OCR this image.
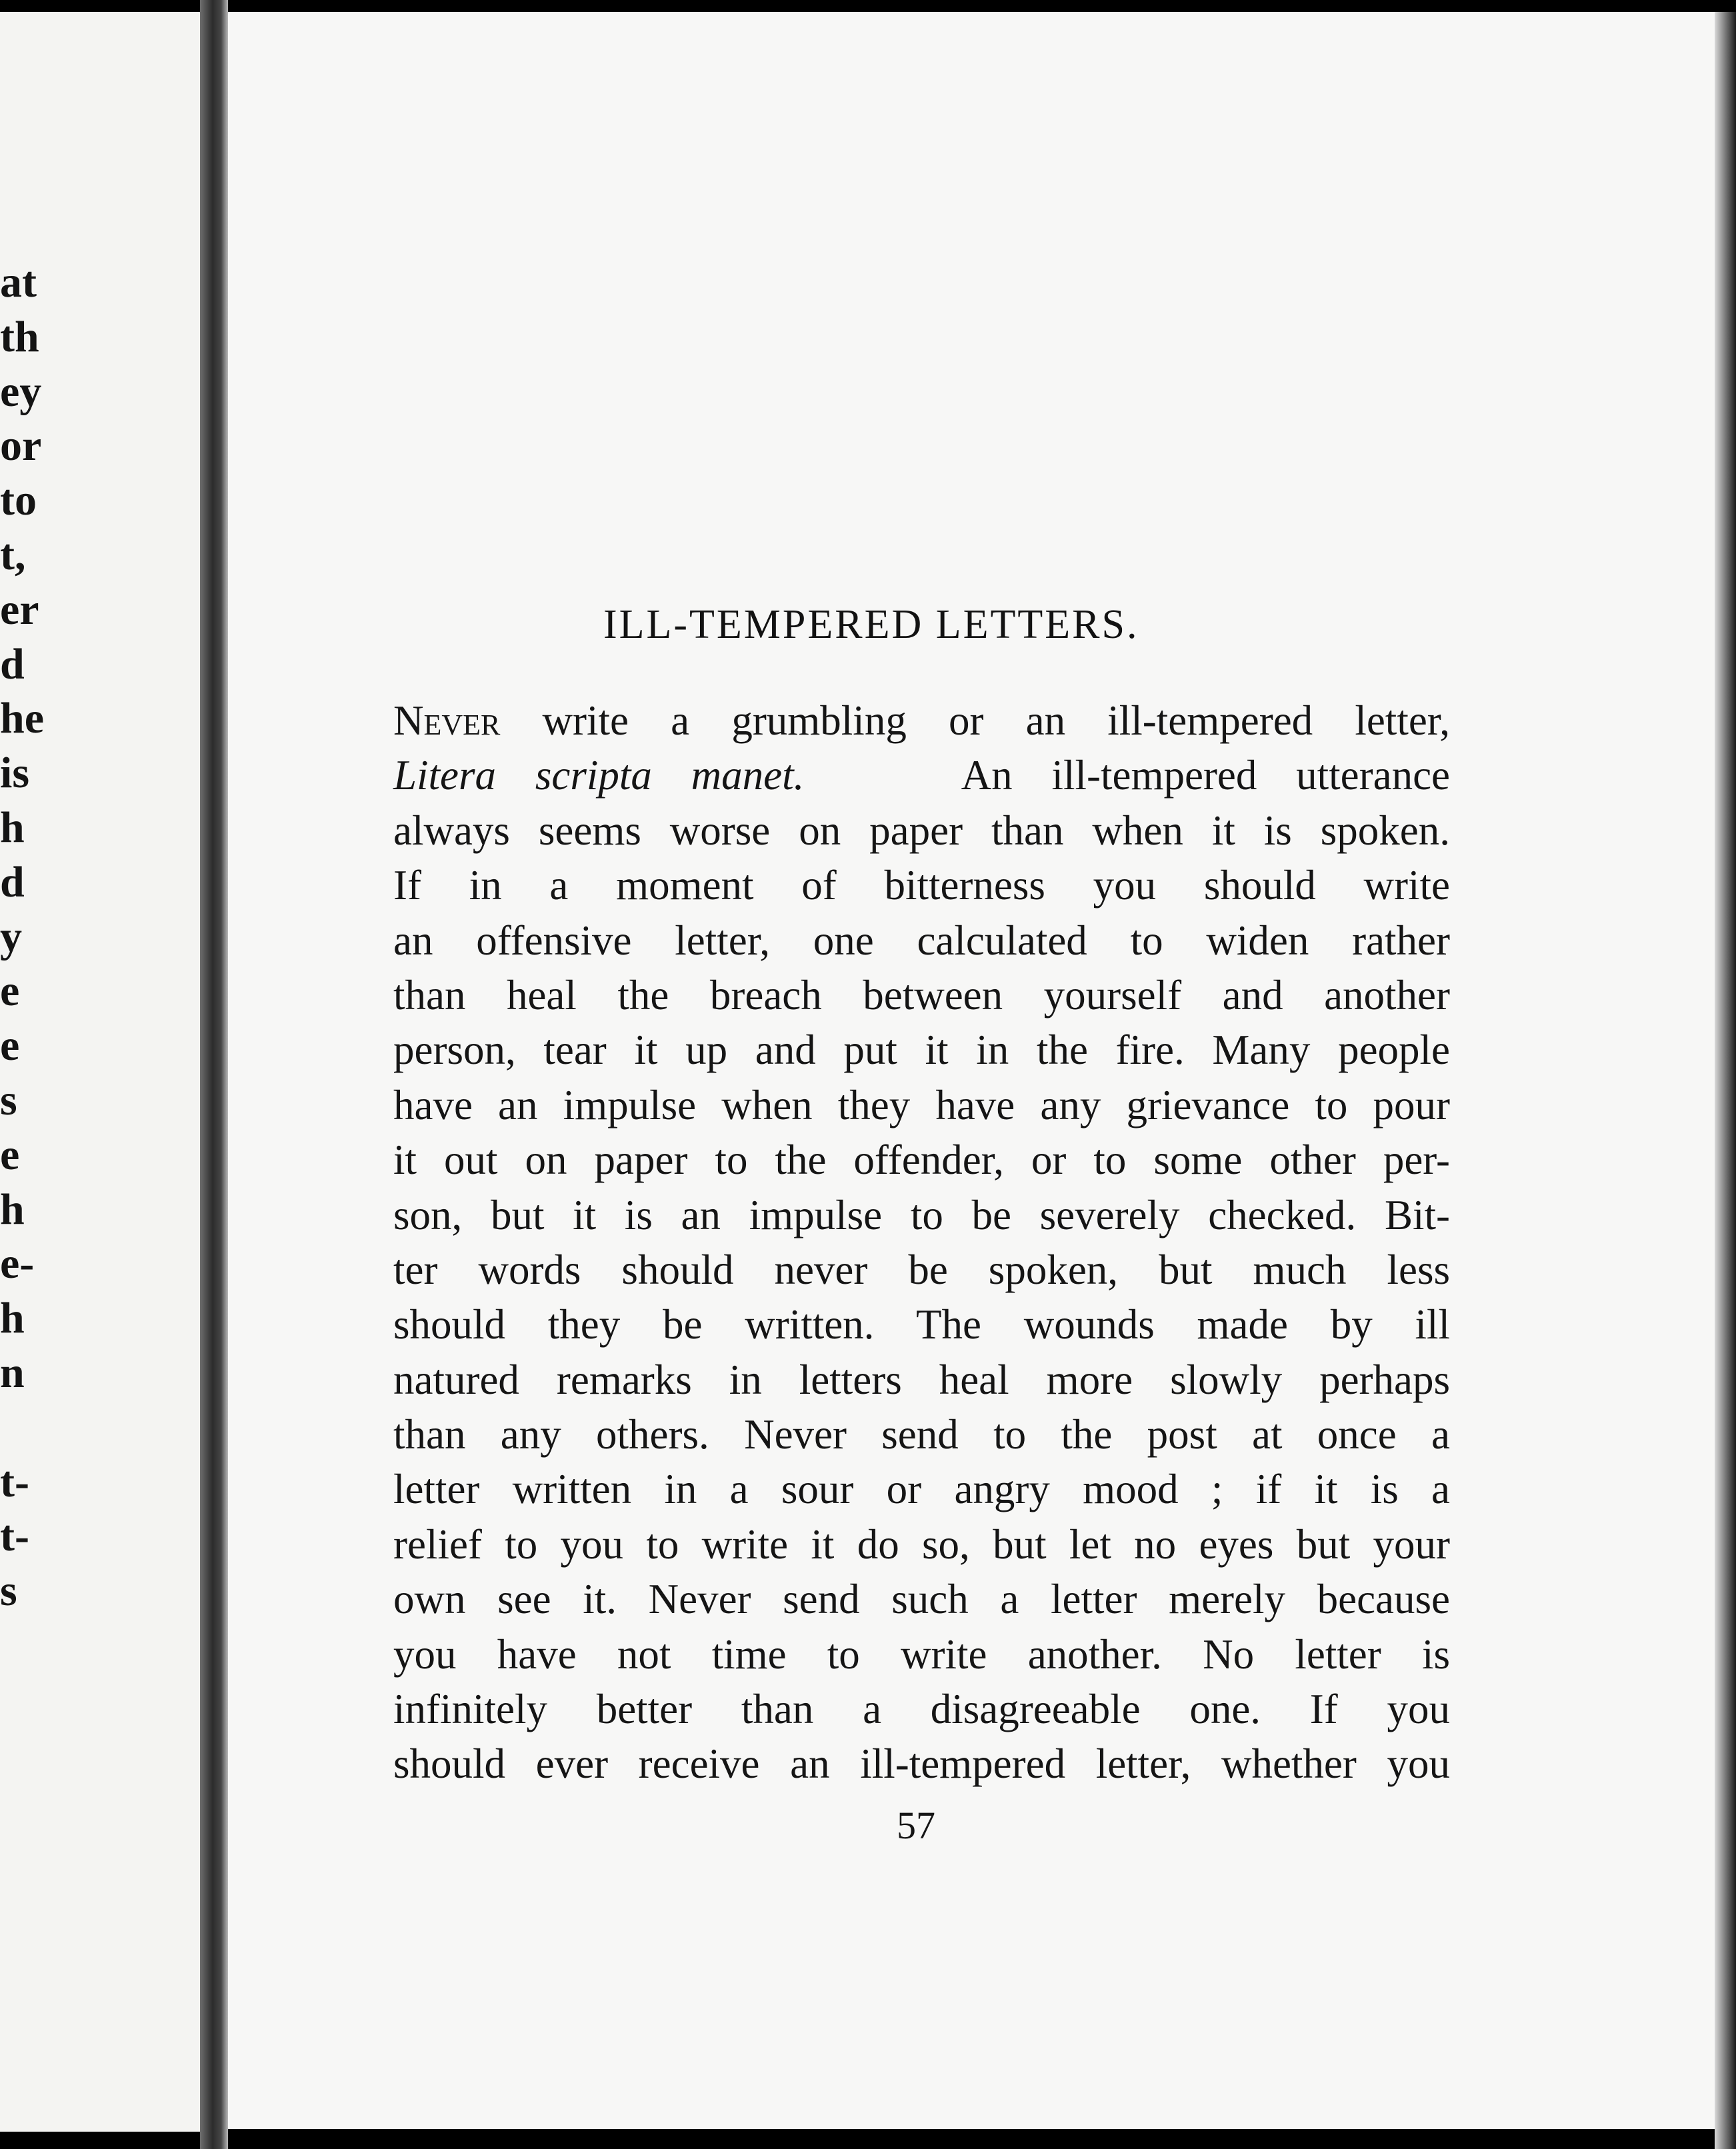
at
th
ey
or
to
t,
er
d
he
is
h
d
y
e
e
s
e
h
e-
h
n
t-
t-
s
ILL-TEMPERED LETTERS.
Never write a grumbling or an ill-tempered letter,
Litera scripta manet.	An ill-tempered utterance
always seems worse on paper than when it is spoken.
If in a moment of bitterness you should write
an offensive letter, one calculated to widen rather
than heal the breach between yourself and another
person, tear it up and put it in the fire. Many people
have an impulse when they have any grievance to pour
it out on paper to the offender, or to some other per-
son, but it is an impulse to be severely checked. Bit-
ter words should never be spoken, but much less
should they be written. The wounds made by ill
natured remarks in letters heal more slowly perhaps
than any others. Never send to the post at once a
letter written in a sour or angry mood ; if it is a
relief to you to write it do so, but let no eyes but your
own see it. Never send such a letter merely because
you have not time to write another. No letter is
infinitely better than a disagreeable one. If you
should ever receive an ill-tempered letter, whether you
57
